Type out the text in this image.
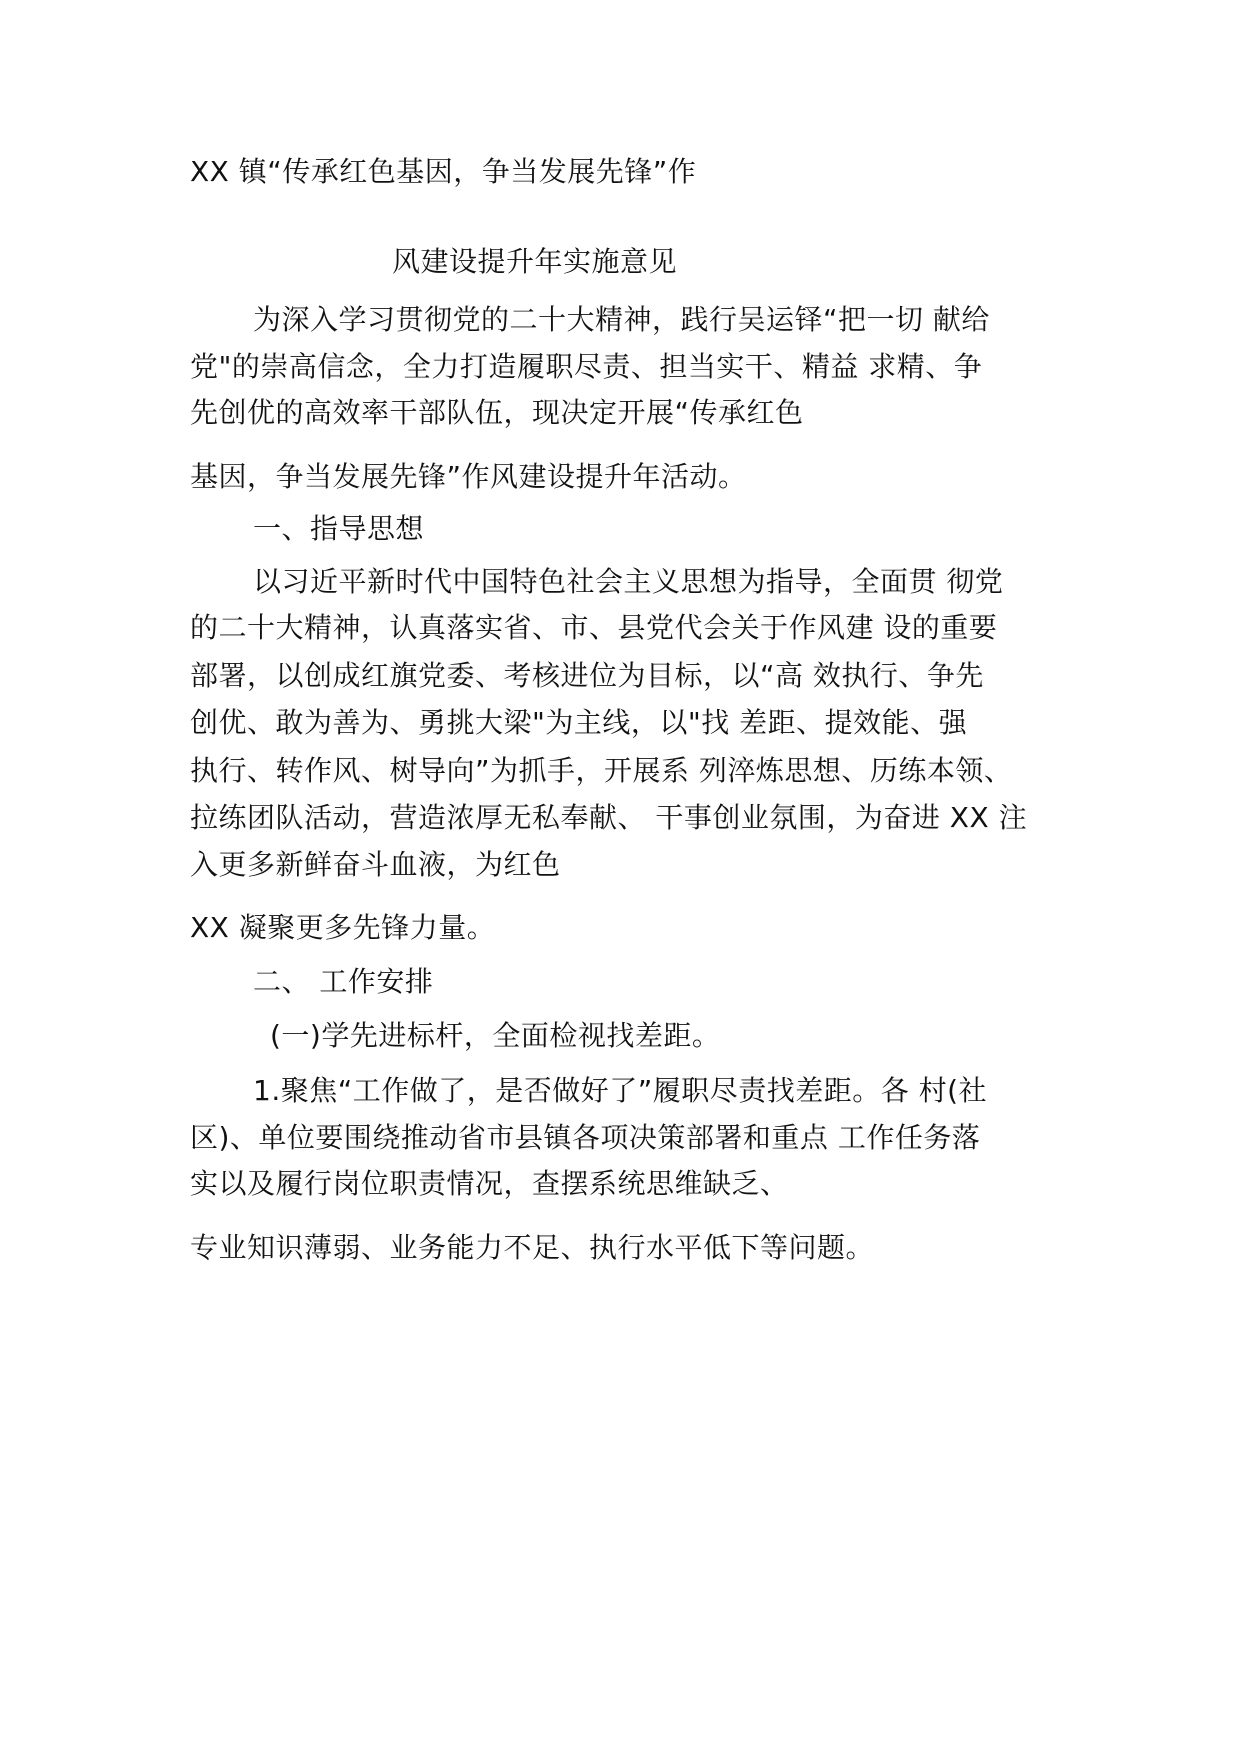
XX 镇“传承红色基因，争当发展先锋”作
风建设提升年实施意见
为深入学习贯彻党的二十大精神，践行吴运铎“把一切 献给
党"的崇高信念，全力打造履职尽责、担当实干、精益 求精、争
先创优的高效率干部队伍，现决定开展“传承红色
基因，争当发展先锋”作风建设提升年活动。
一、指导思想
以习近平新时代中国特色社会主义思想为指导，全面贯 彻党
的二十大精神，认真落实省、市、县党代会关于作风建 设的重要
部署，以创成红旗党委、考核进位为目标，以“高 效执行、争先
创优、敢为善为、勇挑大梁"为主线，以"找 差距、提效能、强
执行、转作风、树导向”为抓手，开展系 列淬炼思想、历练本领、
拉练团队活动，营造浓厚无私奉献、 干事创业氛围，为奋进 XX 注
入更多新鲜奋斗血液，为红色
XX 凝聚更多先锋力量。
二、 工作安排
(一)学先进标杆，全面检视找差距。
1.聚焦“工作做了，是否做好了”履职尽责找差距。各 村(社
区)、单位要围绕推动省市县镇各项决策部署和重点 工作任务落
实以及履行岗位职责情况，查摆系统思维缺乏、
专业知识薄弱、业务能力不足、执行水平低下等问题。
